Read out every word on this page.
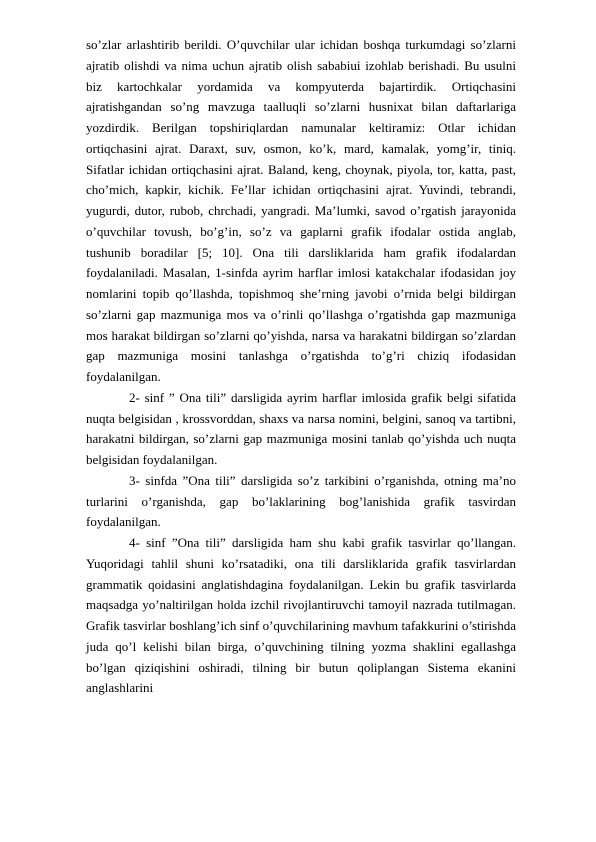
so’zlar arlashtirib berildi. O’quvchilar ular ichidan boshqa turkumdagi so’zlarni ajratib olishdi va nima uchun ajratib olish sababiui izohlab berishadi. Bu usulni biz kartochkalar yordamida va kompyuterda bajartirdik. Ortiqchasini ajratishgandan so’ng mavzuga taalluqli so’zlarni husnixat bilan daftarlariga yozdirdik. Berilgan topshiriqlardan namunalar keltiramiz: Otlar ichidan ortiqchasini ajrat. Daraxt, suv, osmon, ko’k, mard, kamalak, yomg’ir, tiniq. Sifatlar ichidan ortiqchasini ajrat. Baland, keng, choynak, piyola, tor, katta, past, cho’mich, kapkir, kichik. Fe’llar ichidan ortiqchasini ajrat. Yuvindi, tebrandi, yugurdi, dutor, rubob, chrchadi, yangradi. Ma’lumki, savod o’rgatish jarayonida o’quvchilar tovush, bo’g’in, so’z va gaplarni grafik ifodalar ostida anglab, tushunib boradilar [5; 10]. Ona tili darsliklarida ham grafik ifodalardan foydalaniladi. Masalan, 1-sinfda ayrim harflar imlosi katakchalar ifodasidan joy nomlarini topib qo’llashda, topishmoq she’rning javobi o’rnida belgi bildirgan so’zlarni gap mazmuniga mos va o’rinli qo’llashga o’rgatishda gap mazmuniga mos harakat bildirgan so’zlarni qo’yishda, narsa va harakatni bildirgan so’zlardan gap mazmuniga mosini tanlashga o’rgatishda to’g’ri chiziq ifodasidan foydalanilgan.

2- sinf ” Ona tili” darsligida ayrim harflar imlosida grafik belgi sifatida nuqta belgisidan , krossvorddan, shaxs va narsa nomini, belgini, sanoq va tartibni, harakatni bildirgan, so’zlarni gap mazmuniga mosini tanlab qo’yishda uch nuqta belgisidan foydalanilgan.

3- sinfda ”Ona tili” darsligida so’z tarkibini o’rganishda, otning ma’no turlarini o’rganishda, gap bo’laklarining bog’lanishida grafik tasvirdan foydalanilgan.

4- sinf ”Ona tili” darsligida ham shu kabi grafik tasvirlar qo’llangan. Yuqoridagi tahlil shuni ko’rsatadiki, ona tili darsliklarida grafik tasvirlardan grammatik qoidasini anglatishdagina foydalanilgan. Lekin bu grafik tasvirlarda maqsadga yo’naltirilgan holda izchil rivojlantiruvchi tamoyil nazrada tutilmagan. Grafik tasvirlar boshlang’ich sinf o’quvchilarining mavhum tafakkurini o’stirishda juda qo’l kelishi bilan birga, o’quvchining tilning yozma shaklini egallashga bo’lgan qiziqishini oshiradi, tilning bir butun qoliplangan Sistema ekanini anglashlarini
